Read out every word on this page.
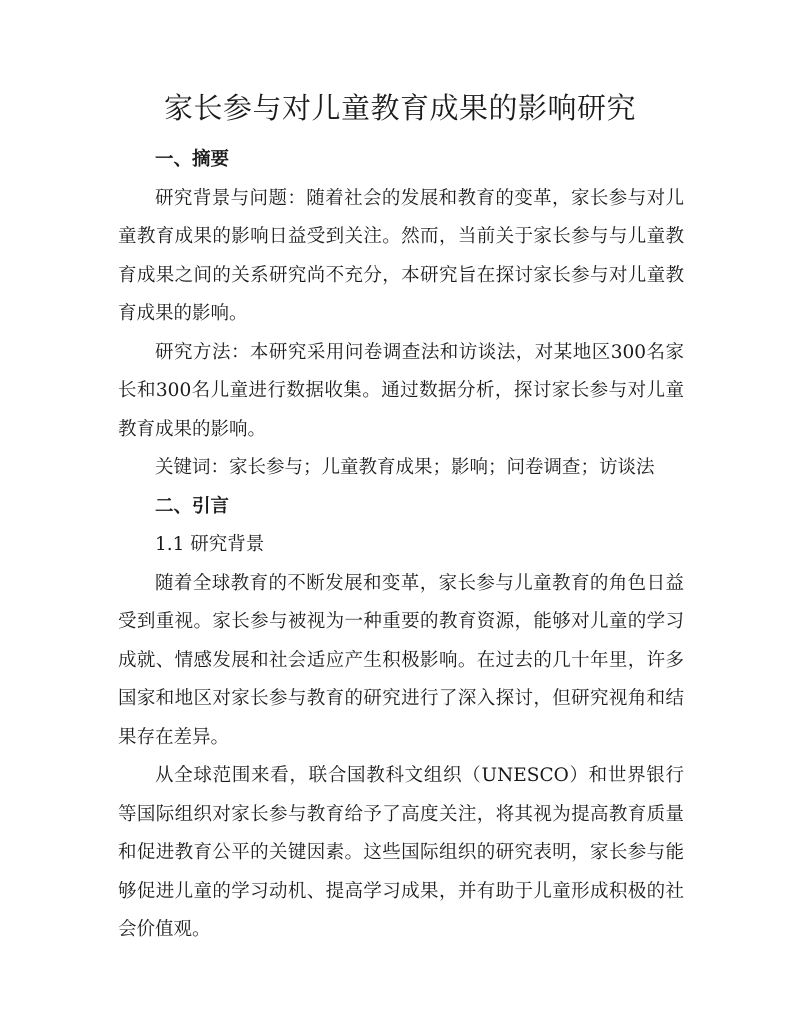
家长参与对儿童教育成果的影响研究

一、摘要

研究背景与问题：随着社会的发展和教育的变革，家长参与对儿童教育成果的影响日益受到关注。然而，当前关于家长参与与儿童教育成果之间的关系研究尚不充分，本研究旨在探讨家长参与对儿童教育成果的影响。

研究方法：本研究采用问卷调查法和访谈法，对某地区300名家长和300名儿童进行数据收集。通过数据分析，探讨家长参与对儿童教育成果的影响。

关键词：家长参与；儿童教育成果；影响；问卷调查；访谈法

二、引言

1.1 研究背景

随着全球教育的不断发展和变革，家长参与儿童教育的角色日益受到重视。家长参与被视为一种重要的教育资源，能够对儿童的学习成就、情感发展和社会适应产生积极影响。在过去的几十年里，许多国家和地区对家长参与教育的研究进行了深入探讨，但研究视角和结果存在差异。

从全球范围来看，联合国教科文组织（UNESCO）和世界银行等国际组织对家长参与教育给予了高度关注，将其视为提高教育质量和促进教育公平的关键因素。这些国际组织的研究表明，家长参与能够促进儿童的学习动机、提高学习成果，并有助于儿童形成积极的社会价值观。
